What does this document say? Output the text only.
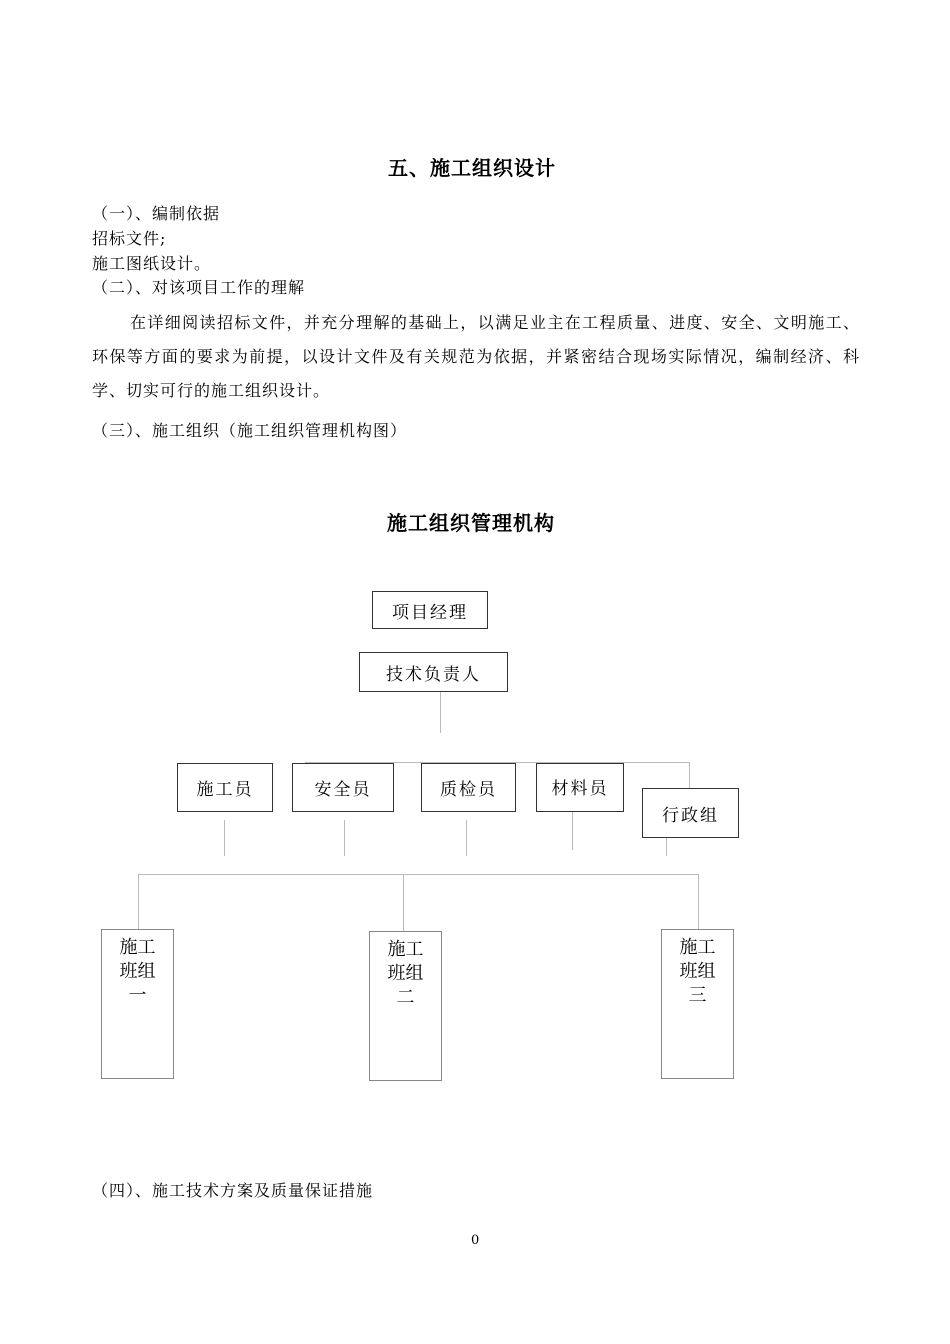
五、施工组织设计
（一）、编制依据
招标文件;
施工图纸设计。
（二）、对该项目工作的理解
在详细阅读招标文件，并充分理解的基础上，以满足业主在工程质量、进度、安全、文明施工、环保等方面的要求为前提，以设计文件及有关规范为依据，并紧密结合现场实际情况，编制经济、科学、切实可行的施工组织设计。
（三）、施工组织（施工组织管理机构图）
施工组织管理机构
项目经理
技术负责人
施工员	安全员	质检员	材料员
行政组
施工
班组
一
施工
班组
二
施工
班组
三
（四）、施工技术方案及质量保证措施
0
